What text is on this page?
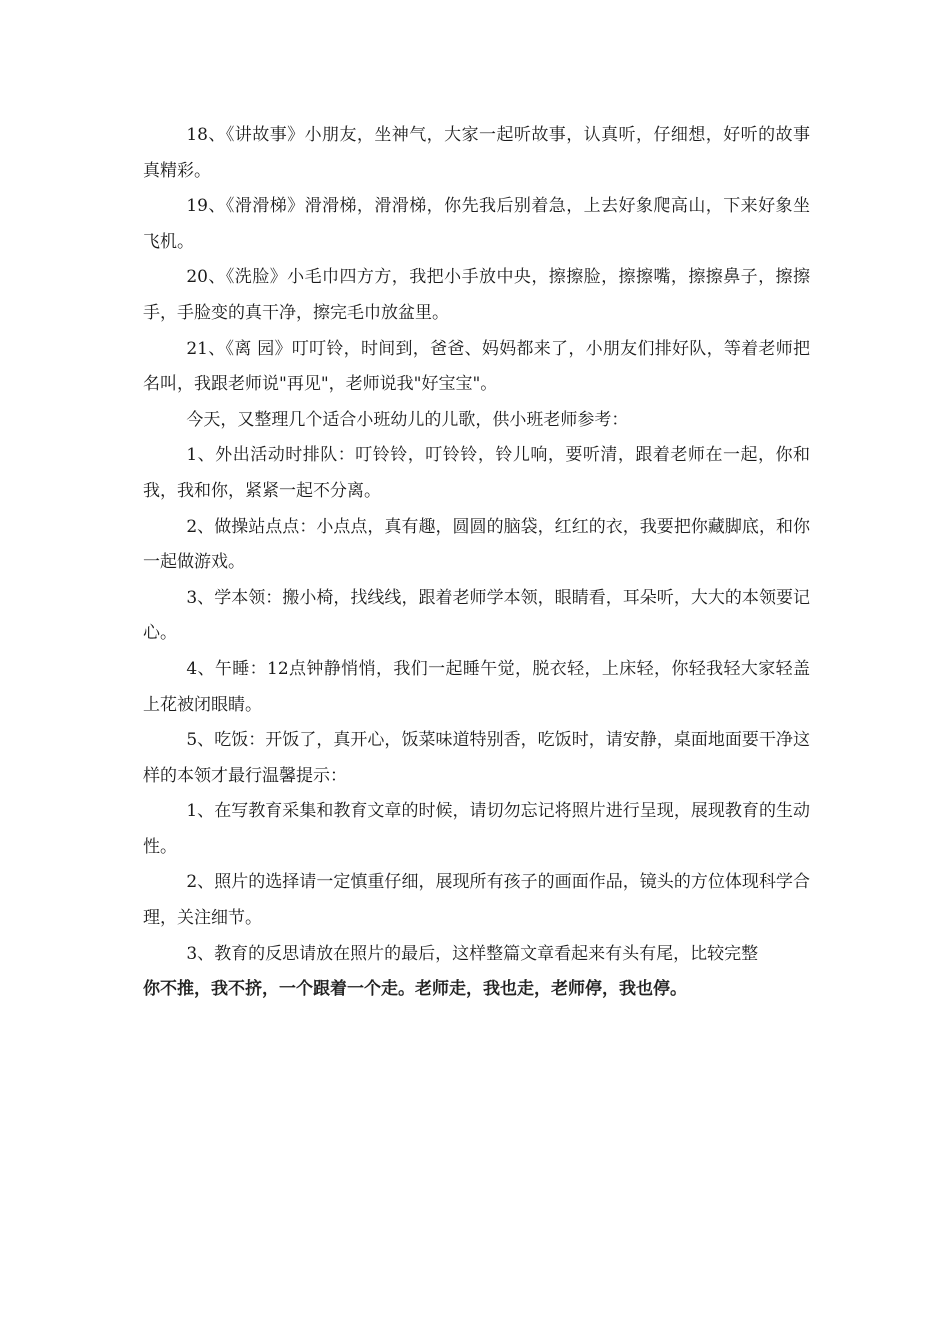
18、《讲故事》小朋友，坐神气，大家一起听故事，认真听，仔细想，好听的故事真精彩。

19、《滑滑梯》滑滑梯，滑滑梯，你先我后别着急，上去好象爬高山，下来好象坐飞机。

20、《洗脸》小毛巾四方方，我把小手放中央，擦擦脸，擦擦嘴，擦擦鼻子，擦擦手，手脸变的真干净，擦完毛巾放盆里。

21、《离 园》叮叮铃，时间到，爸爸、妈妈都来了，小朋友们排好队，等着老师把名叫，我跟老师说"再见"，老师说我"好宝宝"。

今天，又整理几个适合小班幼儿的儿歌，供小班老师参考：

1、外出活动时排队：叮铃铃，叮铃铃，铃儿响，要听清，跟着老师在一起，你和我，我和你，紧紧一起不分离。

2、做操站点点：小点点，真有趣，圆圆的脑袋，红红的衣，我要把你藏脚底，和你一起做游戏。

3、学本领：搬小椅，找线线，跟着老师学本领，眼睛看，耳朵听，大大的本领要记心。

4、午睡：12点钟静悄悄，我们一起睡午觉，脱衣轻，上床轻，你轻我轻大家轻盖上花被闭眼睛。

5、吃饭：开饭了，真开心，饭菜味道特别香，吃饭时，请安静，桌面地面要干净这样的本领才最行温馨提示：

1、在写教育采集和教育文章的时候，请切勿忘记将照片进行呈现，展现教育的生动性。

2、照片的选择请一定慎重仔细，展现所有孩子的画面作品，镜头的方位体现科学合理，关注细节。

3、教育的反思请放在照片的最后，这样整篇文章看起来有头有尾，比较完整

你不推，我不挤，一个跟着一个走。老师走，我也走，老师停，我也停。
